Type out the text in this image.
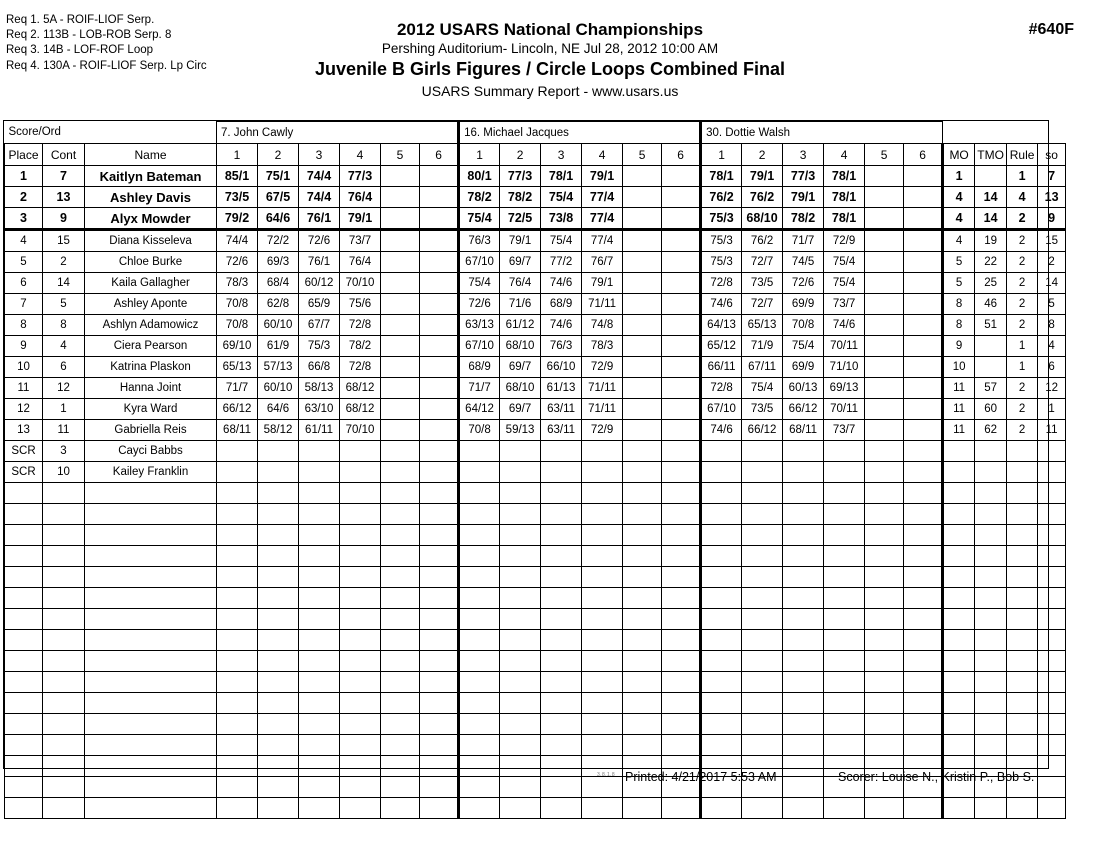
Req 1. 5A - ROIF-LIOF Serp.
Req 2. 113B - LOB-ROB Serp. 8
Req 3. 14B - LOF-ROF Loop
Req 4. 130A - ROIF-LIOF Serp. Lp Circ
2012 USARS National Championships
Pershing Auditorium- Lincoln, NE Jul 28, 2012 10:00 AM
Juvenile B Girls Figures / Circle Loops Combined Final
USARS Summary Report - www.usars.us
#640F
Score/Ord			7. John Cawly						16. Michael Jacques						30. Dottie Walsh									
Place	Cont	Name	1	2	3	4	5	6	1	2	3	4	5	6	1	2	3	4	5	6	MO	TMO	Rule	so
1	7	Kaitlyn Bateman	85/1	75/1	74/4	77/3			80/1	77/3	78/1	79/1			78/1	79/1	77/3	78/1			1		1	7
2	13	Ashley Davis	73/5	67/5	74/4	76/4			78/2	78/2	75/4	77/4			76/2	76/2	79/1	78/1			4	14	4	13
3	9	Alyx Mowder	79/2	64/6	76/1	79/1			75/4	72/5	73/8	77/4			75/3	68/10	78/2	78/1			4	14	2	9
4	15	Diana Kisseleva	74/4	72/2	72/6	73/7			76/3	79/1	75/4	77/4			75/3	76/2	71/7	72/9			4	19	2	15
5	2	Chloe Burke	72/6	69/3	76/1	76/4			67/10	69/7	77/2	76/7			75/3	72/7	74/5	75/4			5	22	2	2
6	14	Kaila Gallagher	78/3	68/4	60/12	70/10			75/4	76/4	74/6	79/1			72/8	73/5	72/6	75/4			5	25	2	14
7	5	Ashley Aponte	70/8	62/8	65/9	75/6			72/6	71/6	68/9	71/11			74/6	72/7	69/9	73/7			8	46	2	5
8	8	Ashlyn Adamowicz	70/8	60/10	67/7	72/8			63/13	61/12	74/6	74/8			64/13	65/13	70/8	74/6			8	51	2	8
9	4	Ciera Pearson	69/10	61/9	75/3	78/2			67/10	68/10	76/3	78/3			65/12	71/9	75/4	70/11			9		1	4
10	6	Katrina Plaskon	65/13	57/13	66/8	72/8			68/9	69/7	66/10	72/9			66/11	67/11	69/9	71/10			10		1	6
11	12	Hanna Joint	71/7	60/10	58/13	68/12			71/7	68/10	61/13	71/11			72/8	75/4	60/13	69/13			11	57	2	12
12	1	Kyra Ward	66/12	64/6	63/10	68/12			64/12	69/7	63/11	71/11			67/10	73/5	66/12	70/11			11	60	2	1
13	11	Gabriella Reis	68/11	58/12	61/11	70/10			70/8	59/13	63/11	72/9			74/6	66/12	68/11	73/7			11	62	2	11
SCR	3	Cayci Babbs																						
SCR	10	Kailey Franklin																						

3.8.1.8 Printed: 4/21/2017 5:53 AM	Scorer: Louise N., Kristin P., Bob S.
